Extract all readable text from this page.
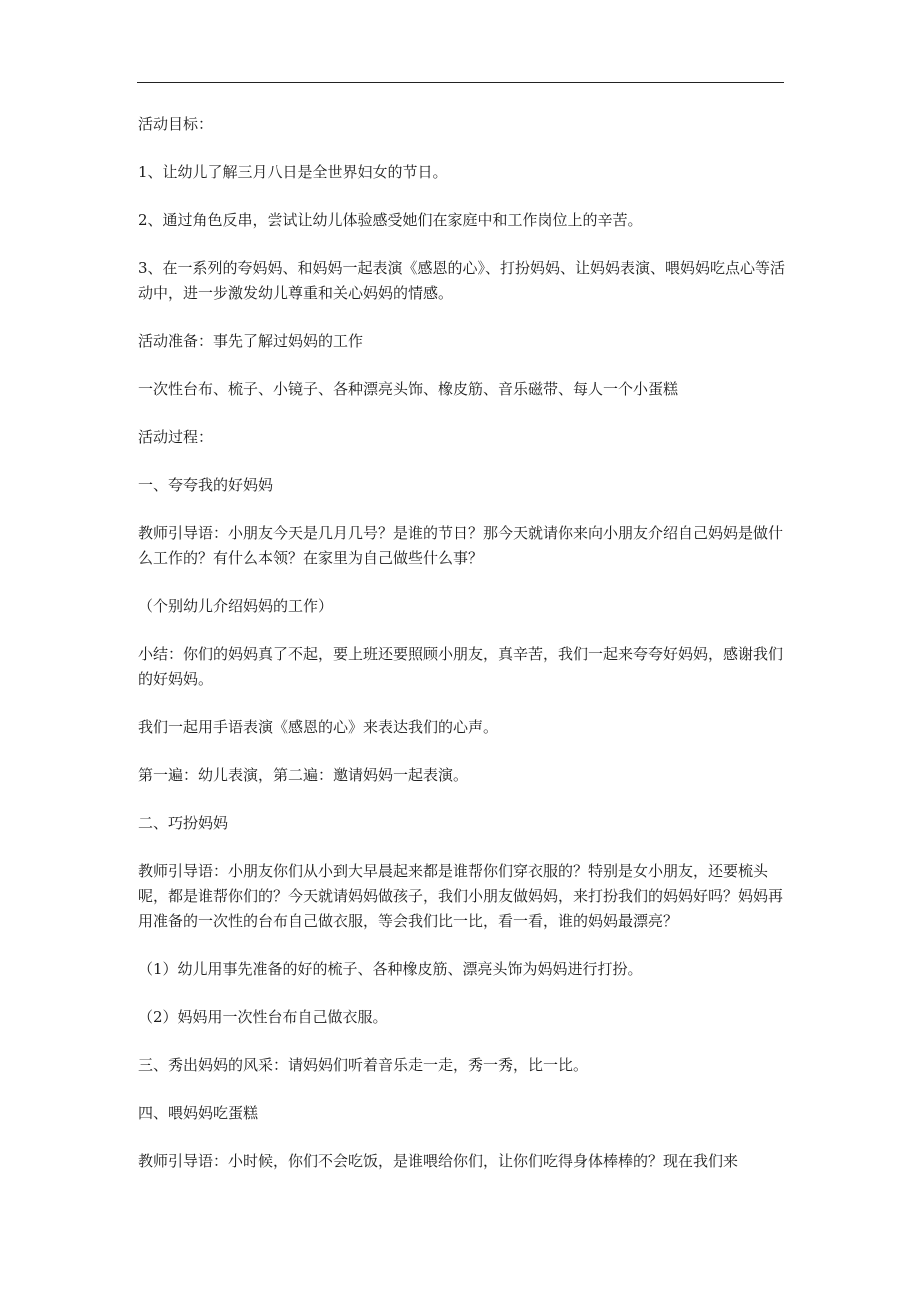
活动目标：

1、让幼儿了解三月八日是全世界妇女的节日。

2、通过角色反串，尝试让幼儿体验感受她们在家庭中和工作岗位上的辛苦。

3、在一系列的夸妈妈、和妈妈一起表演《感恩的心》、打扮妈妈、让妈妈表演、喂妈妈吃点心等活动中，进一步激发幼儿尊重和关心妈妈的情感。

活动准备：事先了解过妈妈的工作

一次性台布、梳子、小镜子、各种漂亮头饰、橡皮筋、音乐磁带、每人一个小蛋糕

活动过程：

一、夸夸我的好妈妈

教师引导语：小朋友今天是几月几号？是谁的节日？那今天就请你来向小朋友介绍自己妈妈是做什么工作的？有什么本领？在家里为自己做些什么事？

（个别幼儿介绍妈妈的工作）

小结：你们的妈妈真了不起，要上班还要照顾小朋友，真辛苦，我们一起来夸夸好妈妈，感谢我们的好妈妈。

我们一起用手语表演《感恩的心》来表达我们的心声。

第一遍：幼儿表演，第二遍：邀请妈妈一起表演。

二、巧扮妈妈

教师引导语：小朋友你们从小到大早晨起来都是谁帮你们穿衣服的？特别是女小朋友，还要梳头呢，都是谁帮你们的？今天就请妈妈做孩子，我们小朋友做妈妈，来打扮我们的妈妈好吗？妈妈再用准备的一次性的台布自己做衣服，等会我们比一比，看一看，谁的妈妈最漂亮？

（1）幼儿用事先准备的好的梳子、各种橡皮筋、漂亮头饰为妈妈进行打扮。

（2）妈妈用一次性台布自己做衣服。

三、秀出妈妈的风采：请妈妈们听着音乐走一走，秀一秀，比一比。

四、喂妈妈吃蛋糕

教师引导语：小时候，你们不会吃饭，是谁喂给你们，让你们吃得身体棒棒的？现在我们来
